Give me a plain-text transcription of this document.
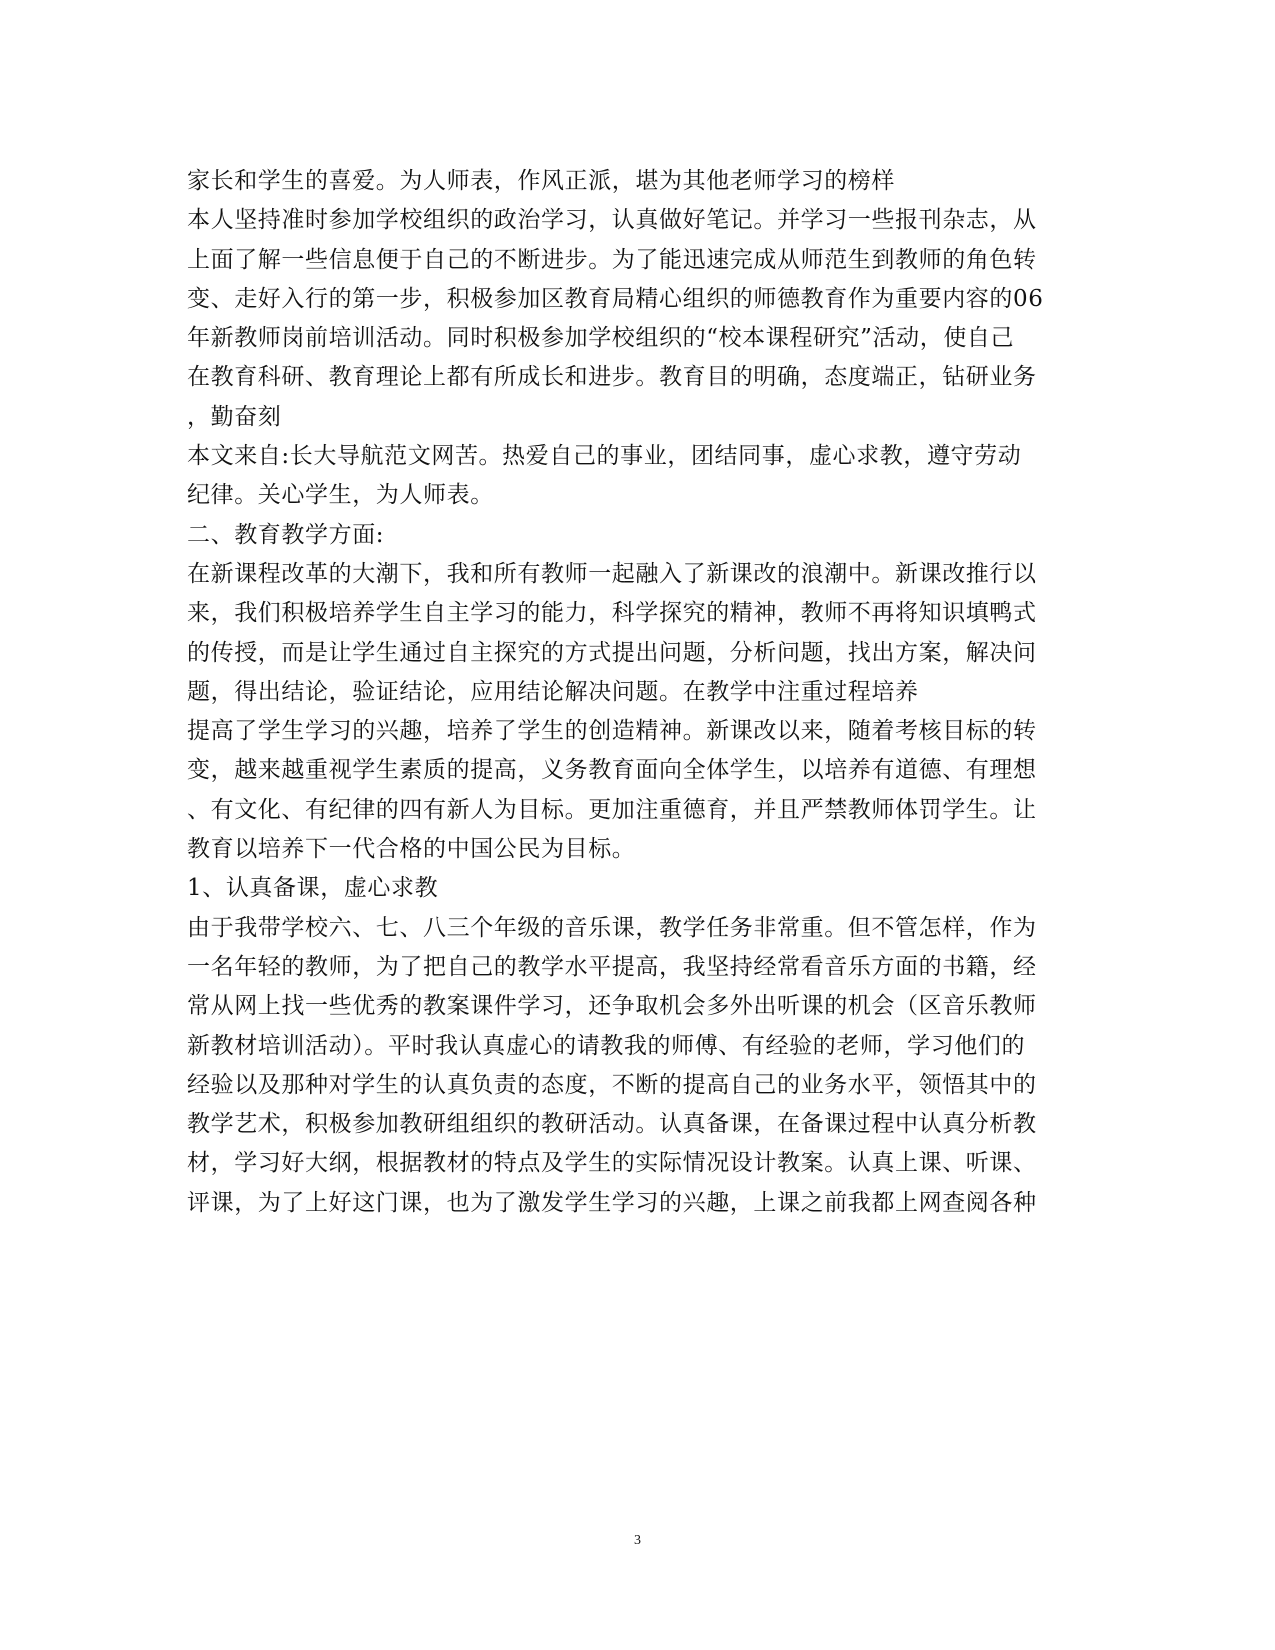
家长和学生的喜爱。为人师表，作风正派，堪为其他老师学习的榜样
本人坚持准时参加学校组织的政治学习，认真做好笔记。并学习一些报刊杂志，从
上面了解一些信息便于自己的不断进步。为了能迅速完成从师范生到教师的角色转
变、走好入行的第一步，积极参加区教育局精心组织的师德教育作为重要内容的06
年新教师岗前培训活动。同时积极参加学校组织的“校本课程研究”活动，使自己
在教育科研、教育理论上都有所成长和进步。教育目的明确，态度端正，钻研业务
，勤奋刻
本文来自:长大导航范文网苦。热爱自己的事业，团结同事，虚心求教，遵守劳动
纪律。关心学生，为人师表。
二、教育教学方面:
在新课程改革的大潮下，我和所有教师一起融入了新课改的浪潮中。新课改推行以
来，我们积极培养学生自主学习的能力，科学探究的精神，教师不再将知识填鸭式
的传授，而是让学生通过自主探究的方式提出问题，分析问题，找出方案，解决问
题，得出结论，验证结论，应用结论解决问题。在教学中注重过程培养
提高了学生学习的兴趣，培养了学生的创造精神。新课改以来，随着考核目标的转
变，越来越重视学生素质的提高，义务教育面向全体学生，以培养有道德、有理想
、有文化、有纪律的四有新人为目标。更加注重德育，并且严禁教师体罚学生。让
教育以培养下一代合格的中国公民为目标。
1、认真备课，虚心求教
由于我带学校六、七、八三个年级的音乐课，教学任务非常重。但不管怎样，作为
一名年轻的教师，为了把自己的教学水平提高，我坚持经常看音乐方面的书籍，经
常从网上找一些优秀的教案课件学习，还争取机会多外出听课的机会（区音乐教师
新教材培训活动）。平时我认真虚心的请教我的师傅、有经验的老师，学习他们的
经验以及那种对学生的认真负责的态度，不断的提高自己的业务水平，领悟其中的
教学艺术，积极参加教研组组织的教研活动。认真备课，在备课过程中认真分析教
材，学习好大纲，根据教材的特点及学生的实际情况设计教案。认真上课、听课、
评课，为了上好这门课，也为了激发学生学习的兴趣，上课之前我都上网查阅各种
3
